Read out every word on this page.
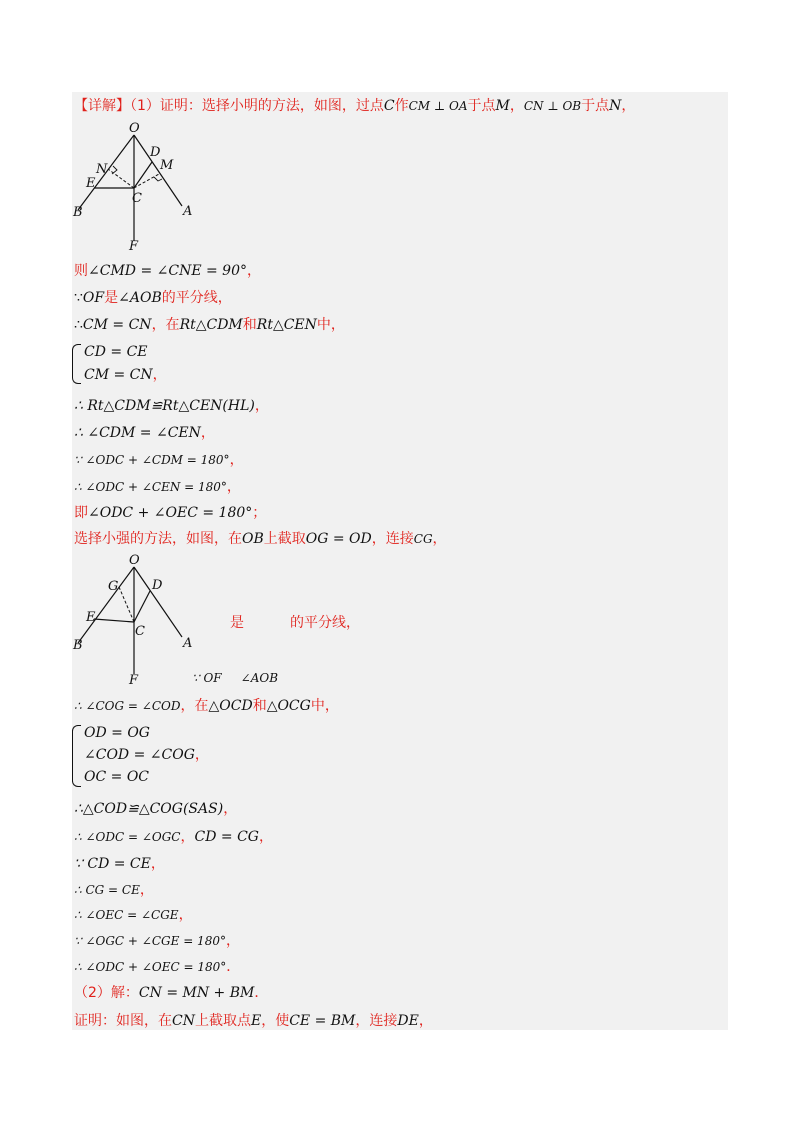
【详解】（1）证明：选择小明的方法，如图，过点C作CM ⊥ OA于点M，CN ⊥ OB于点N，
O
D
N	M
E
C
B	A
F
则∠CMD = ∠CNE = 90°，
∵OF是∠AOB的平分线，
∴CM = CN，在Rt△CDM和Rt△CEN中，
CD = CE
CM = CN，
∴ Rt△CDM≌Rt△CEN(HL)，
∴ ∠CDM = ∠CEN，
∵ ∠ODC + ∠CDM = 180°，
∴ ∠ODC + ∠CEN = 180°，
即∠ODC + ∠OEC = 180°；
选择小强的方法，如图，在OB上截取OG = OD，连接CG，
O
G	D
E
C
B	A
F
是	的平分线，
∵ OF     ∠AOB
∴ ∠COG = ∠COD，在△OCD和△OCG中，
OD = OG
∠COD = ∠COG，
OC = OC
∴△COD≌△COG(SAS)，
∴ ∠ODC = ∠OGC，CD = CG，
∵ CD = CE，
∴ CG = CE，
∴ ∠OEC = ∠CGE，
∵ ∠OGC + ∠CGE = 180°，
∴ ∠ODC + ∠OEC = 180°．
（2）解：CN = MN + BM．
证明：如图，在CN上截取点E，使CE = BM，连接DE，
